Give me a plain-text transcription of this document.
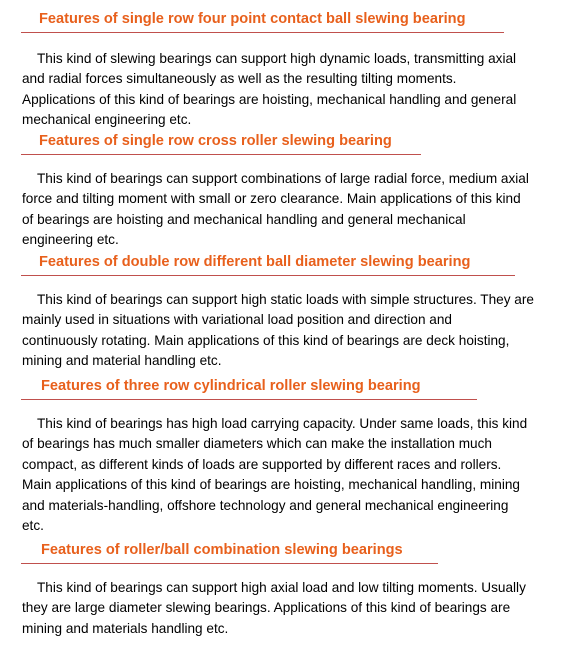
Features of single row four point contact ball slewing bearing

This kind of slewing bearings can support high dynamic loads, transmitting axial
and radial forces simultaneously as well as the resulting tilting moments.
Applications of this kind of bearings are hoisting, mechanical handling and general
mechanical engineering etc.

Features of single row cross roller slewing bearing

This kind of bearings can support combinations of large radial force, medium axial
force and tilting moment with small or zero clearance. Main applications of this kind
of bearings are hoisting and mechanical handling and general mechanical
engineering etc.

Features of double row different ball diameter slewing bearing

This kind of bearings can support high static loads with simple structures. They are
mainly used in situations with variational load position and direction and
continuously rotating. Main applications of this kind of bearings are deck hoisting,
mining and material handling etc.

Features of three row cylindrical roller slewing bearing

This kind of bearings has high load carrying capacity. Under same loads, this kind
of bearings has much smaller diameters which can make the installation much
compact, as different kinds of loads are supported by different races and rollers.
Main applications of this kind of bearings are hoisting, mechanical handling, mining
and materials-handling, offshore technology and general mechanical engineering
etc.

Features of roller/ball combination slewing bearings

This kind of bearings can support high axial load and low tilting moments. Usually
they are large diameter slewing bearings. Applications of this kind of bearings are
mining and materials handling etc.
